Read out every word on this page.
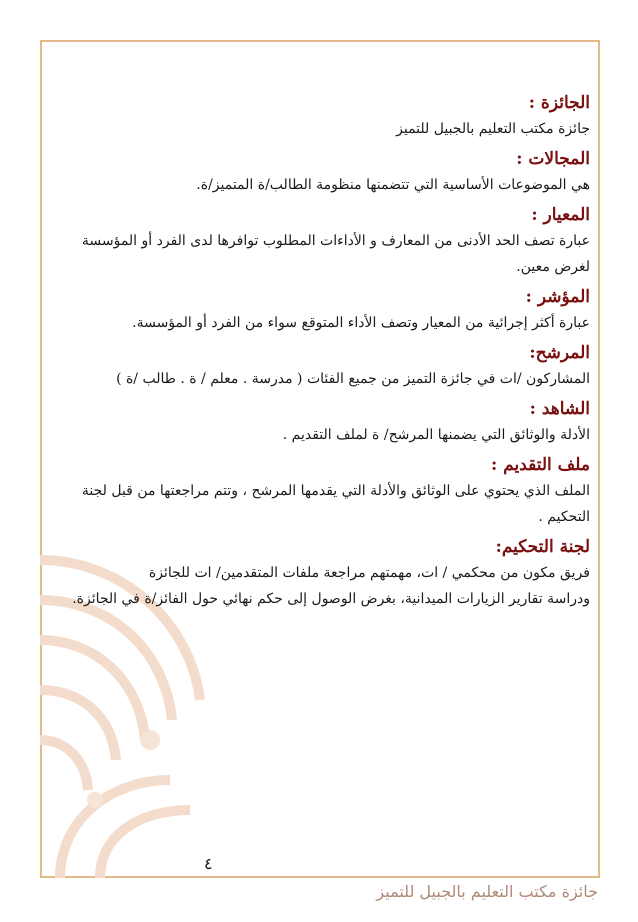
الجائزة :
جائزة مكتب التعليم بالجبيل للتميز
المجالات :
هي الموضوعات الأساسية التي تتضمنها منظومة الطالب/ة المتميز/ة.
المعيار :
عبارة تصف الحد الأدنى من المعارف و الأداءات المطلوب توافرها لدى الفرد أو المؤسسة
لغرض معين.
المؤشر :
عبارة أكثر إجرائية من المعيار وتصف الأداء المتوقع سواء من الفرد أو المؤسسة.
المرشح:
المشاركون /ات في جائزة التميز من جميع الفئات ( مدرسة . معلم / ة . طالب /ة )
الشاهد :
الأدلة والوثائق التي يضمنها المرشح/ ة لملف التقديم .
ملف التقديم :
الملف الذي يحتوي على الوثائق والأدلة التي يقدمها المرشح ، وتتم مراجعتها من قبل لجنة
التحكيم .
لجنة التحكيم:
فريق مكون من محكمي / ات، مهمتهم مراجعة ملفات المتقدمين/ ات للجائزة
ودراسة تقارير الزيارات الميدانية، بغرض الوصول إلى حكم نهائي حول الفائز/ة في الجائزة.
٤
جائزة مكتب التعليم بالجبيل للتميز
